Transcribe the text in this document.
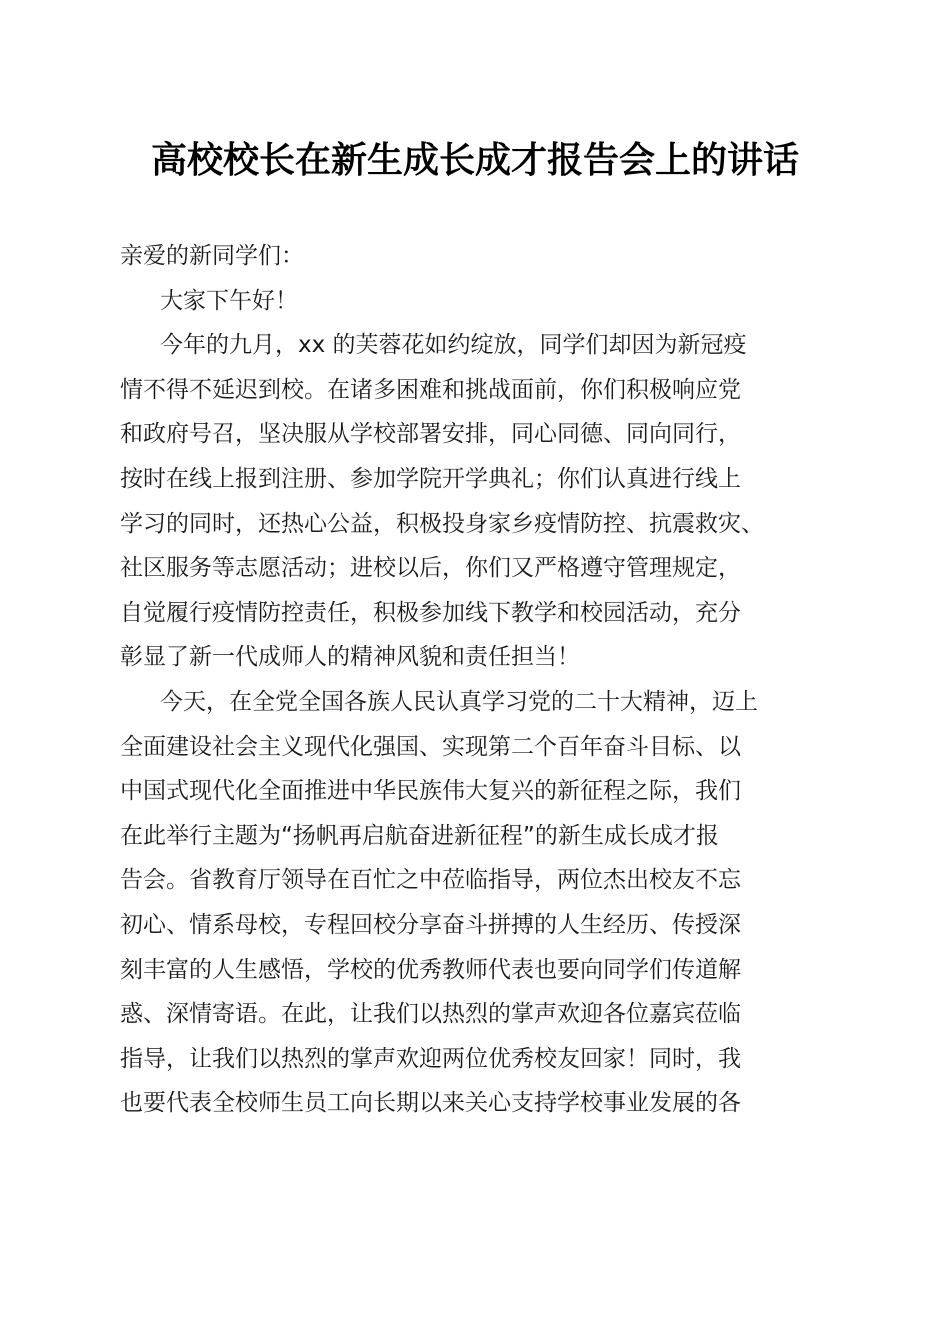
高校校长在新生成长成才报告会上的讲话
亲爱的新同学们：
大家下午好！
今年的九月，xx 的芙蓉花如约绽放，同学们却因为新冠疫
情不得不延迟到校。在诸多困难和挑战面前，你们积极响应党
和政府号召，坚决服从学校部署安排，同心同德、同向同行，
按时在线上报到注册、参加学院开学典礼；你们认真进行线上
学习的同时，还热心公益，积极投身家乡疫情防控、抗震救灾、
社区服务等志愿活动；进校以后，你们又严格遵守管理规定，
自觉履行疫情防控责任，积极参加线下教学和校园活动，充分
彰显了新一代成师人的精神风貌和责任担当！
今天，在全党全国各族人民认真学习党的二十大精神，迈上
全面建设社会主义现代化强国、实现第二个百年奋斗目标、以
中国式现代化全面推进中华民族伟大复兴的新征程之际，我们
在此举行主题为“扬帆再启航奋进新征程”的新生成长成才报
告会。省教育厅领导在百忙之中莅临指导，两位杰出校友不忘
初心、情系母校，专程回校分享奋斗拼搏的人生经历、传授深
刻丰富的人生感悟，学校的优秀教师代表也要向同学们传道解
惑、深情寄语。在此，让我们以热烈的掌声欢迎各位嘉宾莅临
指导，让我们以热烈的掌声欢迎两位优秀校友回家！同时，我
也要代表全校师生员工向长期以来关心支持学校事业发展的各
